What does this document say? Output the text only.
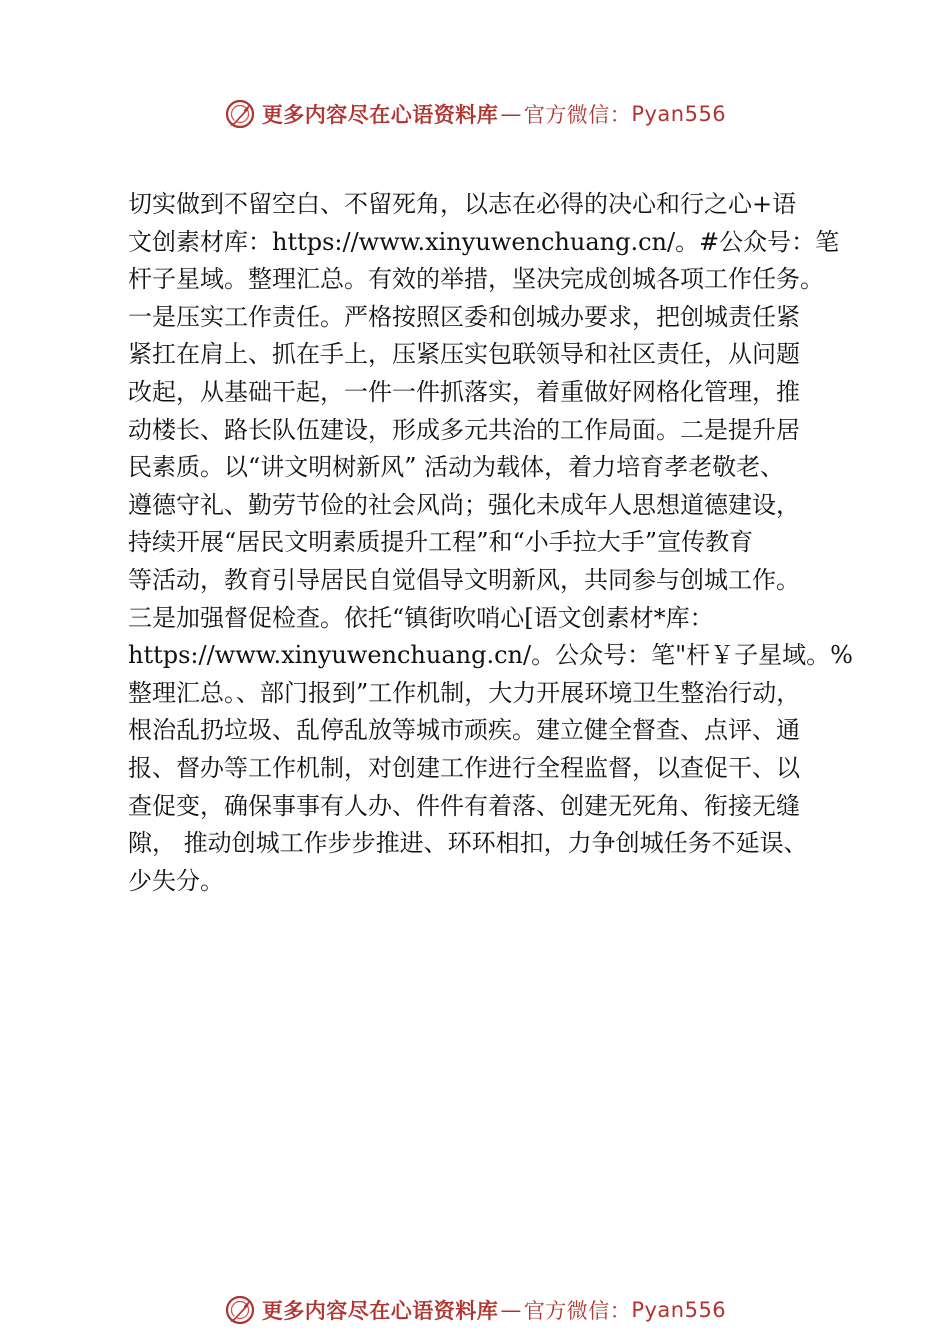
更多内容尽在心语资料库 — 官方微信： Pyan556
切实做到不留空白、不留死角，以志在必得的决心和行之心+语
文创素材库：https://www.xinyuwenchuang.cn/。#公众号：笔
杆子星域。整理汇总。有效的举措，坚决完成创城各项工作任务。
一是压实工作责任。严格按照区委和创城办要求，把创城责任紧
紧扛在肩上、抓在手上，压紧压实包联领导和社区责任，从问题
改起，从基础干起，一件一件抓落实，着重做好网格化管理，推
动楼长、路长队伍建设，形成多元共治的工作局面。二是提升居
民素质。以“讲文明树新风” 活动为载体，着力培育孝老敬老、
遵德守礼、勤劳节俭的社会风尚；强化未成年人思想道德建设，
持续开展“居民文明素质提升工程”和“小手拉大手”宣传教育
等活动，教育引导居民自觉倡导文明新风，共同参与创城工作。
三是加强督促检查。依托“镇街吹哨心[语文创素材*库：
https://www.xinyuwenchuang.cn/。公众号：笔"杆￥子星域。%
整理汇总。、部门报到”工作机制，大力开展环境卫生整治行动，
根治乱扔垃圾、乱停乱放等城市顽疾。建立健全督查、点评、通
报、督办等工作机制，对创建工作进行全程监督，以查促干、以
查促变，确保事事有人办、件件有着落、创建无死角、衔接无缝
隙， 推动创城工作步步推进、环环相扣，力争创城任务不延误、
少失分。
更多内容尽在心语资料库 — 官方微信： Pyan556
